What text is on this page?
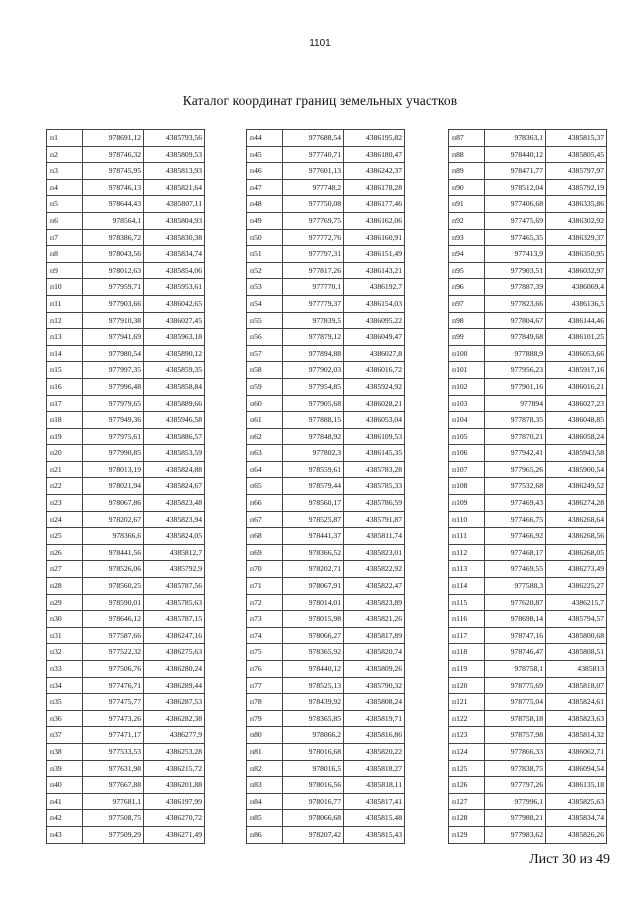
1101
Каталог координат границ земельных участков
п1	978691,12	4385793,56
п2	978746,32	4385809,53
п3	978745,95	4385813,93
п4	978746,13	4385821,64
п5	978644,43	4385807,11
п6	978564,1	4385804,93
п7	978386,72	4385830,38
п8	978043,56	4385834,74
п9	978012,63	4385854,06
п10	977959,71	4385953,61
п11	977903,66	4386042,65
п12	977910,38	4386027,45
п13	977941,69	4385963,18
п14	977980,54	4385890,12
п15	977997,35	4385859,35
п16	977996,48	4385858,84
п17	977979,65	4385889,66
п18	977949,36	4385946,58
п19	977975,61	4385886,57
п20	977990,85	4385853,59
п21	978013,19	4385824,88
п22	978021,94	4385824,67
п23	978067,86	4385823,48
п24	978202,67	4385823,94
п25	978366,6	4385824,05
п26	978441,56	4385812,7
п27	978526,06	4385792,9
п28	978560,25	4385787,56
п29	978590,01	4385785,63
п30	978646,12	4385787,15
п31	977587,66	4386247,16
п32	977522,32	4386275,63
п33	977506,76	4386280,24
п34	977476,71	4386289,44
п35	977475,77	4386287,53
п36	977473,26	4386282,38
п37	977471,17	4386277,9
п38	977533,53	4386253,28
п39	977631,98	4386215,72
п40	977667,88	4386201,88
п41	977681,1	4386197,99
п42	977508,75	4386270,72
п43	977509,29	4386271,49
п44	977688,54	4386195,82
п45	977740,71	4386180,47
п46	977601,13	4386242,37
п47	977748,2	4386178,28
п48	977750,08	4386177,46
п49	977769,75	4386162,06
п50	977772,76	4386160,91
п51	977797,31	4386151,49
п52	977817,26	4386143,21
п53	977770,1	4386192,7
п54	977779,37	4386154,03
п55	977839,5	4386095,22
п56	977879,12	4386049,47
п57	977894,88	4386027,8
п58	977902,03	4386016,72
п59	977954,85	4385924,92
п60	977905,68	4386028,21
п61	977888,15	4386053,04
п62	977848,92	4386109,53
п63	977802,3	4386145,35
п64	978559,61	4385783,28
п65	978579,44	4385785,33
п66	978560,17	4385786,59
п67	978525,87	4385791,87
п68	978441,37	4385811,74
п69	978366,52	4385823,01
п70	978202,71	4385822,92
п71	978067,91	4385822,47
п72	978014,01	4385823,89
п73	978015,98	4385821,26
п74	978066,27	4385817,89
п75	978365,92	4385820,74
п76	978440,12	4385809,26
п77	978525,13	4385790,32
п78	978439,92	4385808,24
п79	978365,85	4385819,71
п80	978066,2	4385816,86
п81	978016,68	4385820,22
п82	978016,5	4385818,27
п83	978016,56	4385818,11
п84	978016,77	4385817,41
п85	978066,68	4385815,48
п86	978207,42	4385815,43
п87	978363,1	4385815,37
п88	978440,12	4385805,45
п89	978471,77	4385797,97
п90	978512,04	4385792,19
п91	977406,68	4386335,86
п92	977475,69	4386302,92
п93	977465,35	4386329,37
п94	977413,9	4386350,95
п95	977903,51	4386032,97
п96	977887,39	4386069,4
п97	977823,66	4386136,5
п98	977804,67	4386144,46
п99	977849,68	4386101,25
п100	977888,9	4386053,66
п101	977956,23	4385917,16
п102	977901,16	4386016,21
п103	977894	4386027,23
п104	977878,35	4386048,85
п105	977870,21	4386058,24
п106	977942,41	4385943,58
п107	977965,26	4385900,54
п108	977532,68	4386249,52
п109	977469,43	4386274,28
п110	977466,75	4386268,64
п111	977466,92	4386268,56
п112	977468,17	4386268,05
п113	977469,55	4386273,49
п114	977588,3	4386225,27
п115	977620,87	4386215,7
п116	978698,14	4385794,57
п117	978747,16	4385800,68
п118	978746,47	4385808,51
п119	978758,1	4385813
п120	978775,69	4385818,07
п121	978775,04	4385824,61
п122	978758,18	4385823,63
п123	978757,98	4385814,32
п124	977866,33	4386062,71
п125	977838,75	4386094,54
п126	977797,26	4386135,18
п127	977996,1	4385825,63
п128	977988,21	4385834,74
п129	977983,62	4385826,26
Лист 30 из 49
